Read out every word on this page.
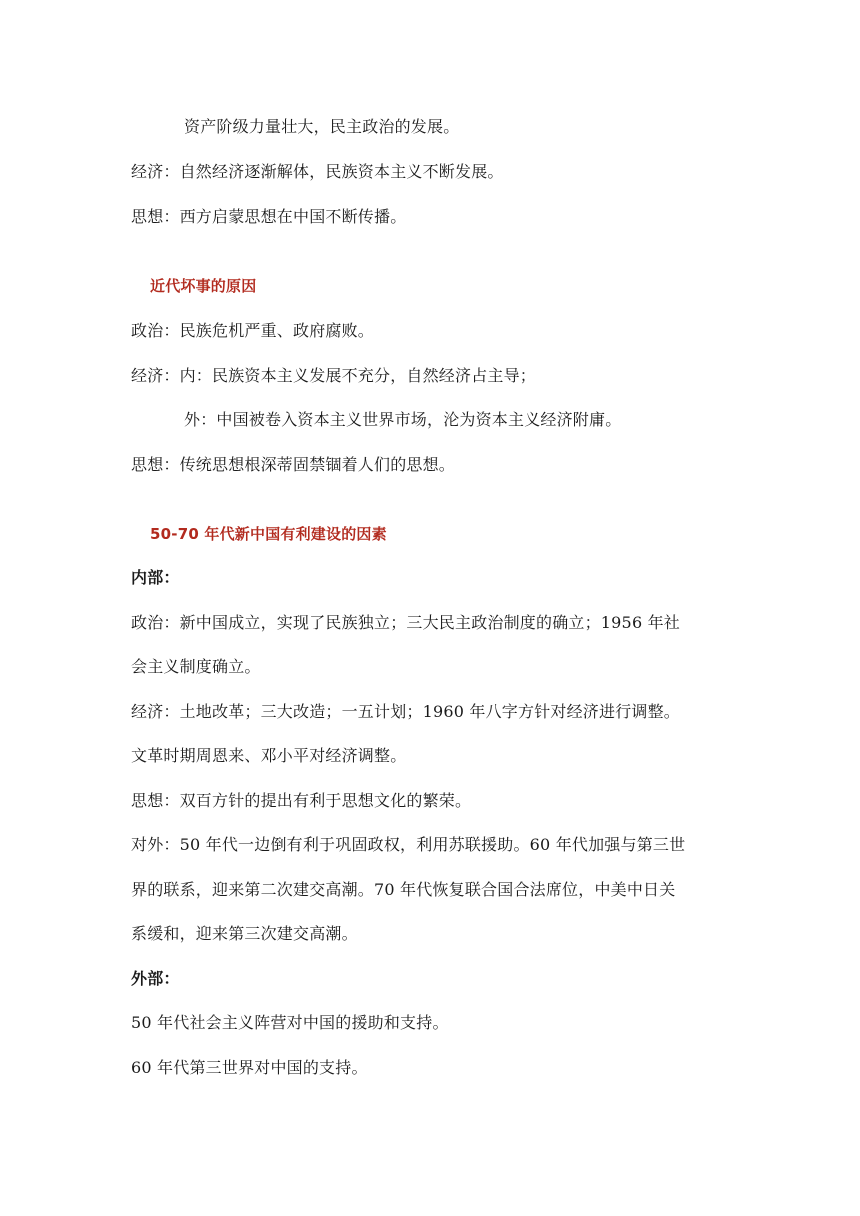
资产阶级力量壮大，民主政治的发展。
经济：自然经济逐渐解体，民族资本主义不断发展。
思想：西方启蒙思想在中国不断传播。
近代坏事的原因
政治：民族危机严重、政府腐败。
经济：内：民族资本主义发展不充分，自然经济占主导；
外：中国被卷入资本主义世界市场，沦为资本主义经济附庸。
思想：传统思想根深蒂固禁锢着人们的思想。
50-70 年代新中国有利建设的因素
内部：
政治：新中国成立，实现了民族独立；三大民主政治制度的确立；1956 年社
会主义制度确立。
经济：土地改革；三大改造；一五计划；1960 年八字方针对经济进行调整。
文革时期周恩来、邓小平对经济调整。
思想：双百方针的提出有利于思想文化的繁荣。
对外：50 年代一边倒有利于巩固政权，利用苏联援助。60 年代加强与第三世
界的联系，迎来第二次建交高潮。70 年代恢复联合国合法席位，中美中日关
系缓和，迎来第三次建交高潮。
外部：
50 年代社会主义阵营对中国的援助和支持。
60 年代第三世界对中国的支持。
